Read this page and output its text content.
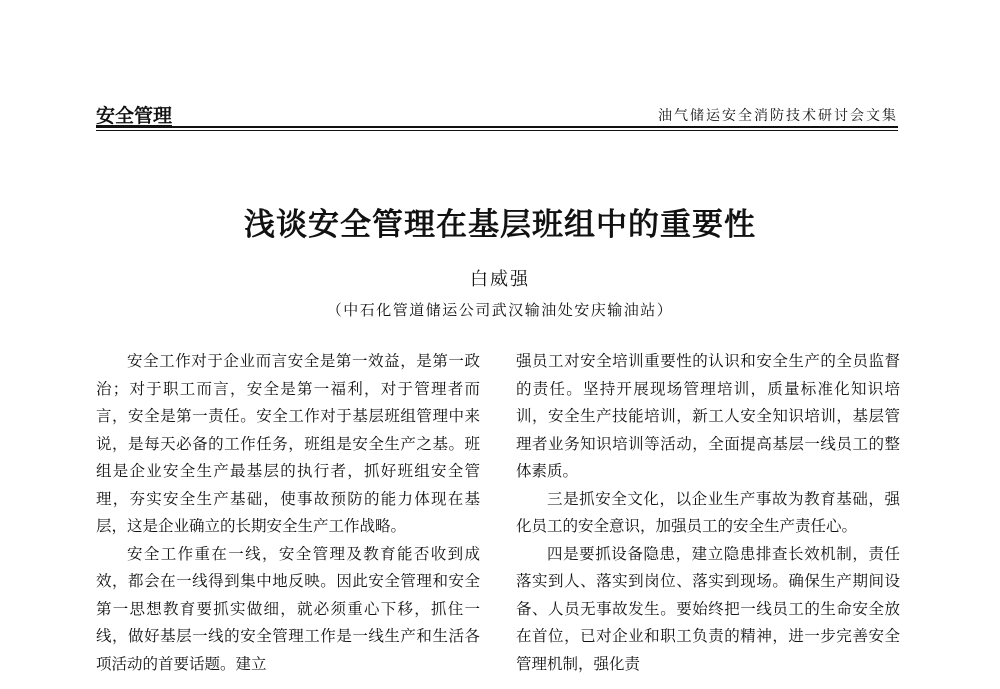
安全管理	油气储运安全消防技术研讨会文集
浅谈安全管理在基层班组中的重要性
白威强
（中石化管道储运公司武汉输油处安庆输油站）

安全工作对于企业而言安全是第一效益，是第一政治；对于职工而言，安全是第一福利，对于管理者而言，安全是第一责任。安全工作对于基层班组管理中来说，是每天必备的工作任务，班组是安全生产之基。班组是企业安全生产最基层的执行者，抓好班组安全管理，夯实安全生产基础，使事故预防的能力体现在基层，这是企业确立的长期安全生产工作战略。

安全工作重在一线，安全管理及教育能否收到成效，都会在一线得到集中地反映。因此安全管理和安全第一思想教育要抓实做细，就必须重心下移，抓住一线，做好基层一线的安全管理工作是一线生产和生活各项活动的首要话题。建立

强员工对安全培训重要性的认识和安全生产的全员监督的责任。坚持开展现场管理培训，质量标准化知识培训，安全生产技能培训，新工人安全知识培训，基层管理者业务知识培训等活动，全面提高基层一线员工的整体素质。

三是抓安全文化，以企业生产事故为教育基础，强化员工的安全意识，加强员工的安全生产责任心。

四是要抓设备隐患，建立隐患排查长效机制，责任落实到人、落实到岗位、落实到现场。确保生产期间设备、人员无事故发生。要始终把一线员工的生命安全放在首位，已对企业和职工负责的精神，进一步完善安全管理机制，强化责
